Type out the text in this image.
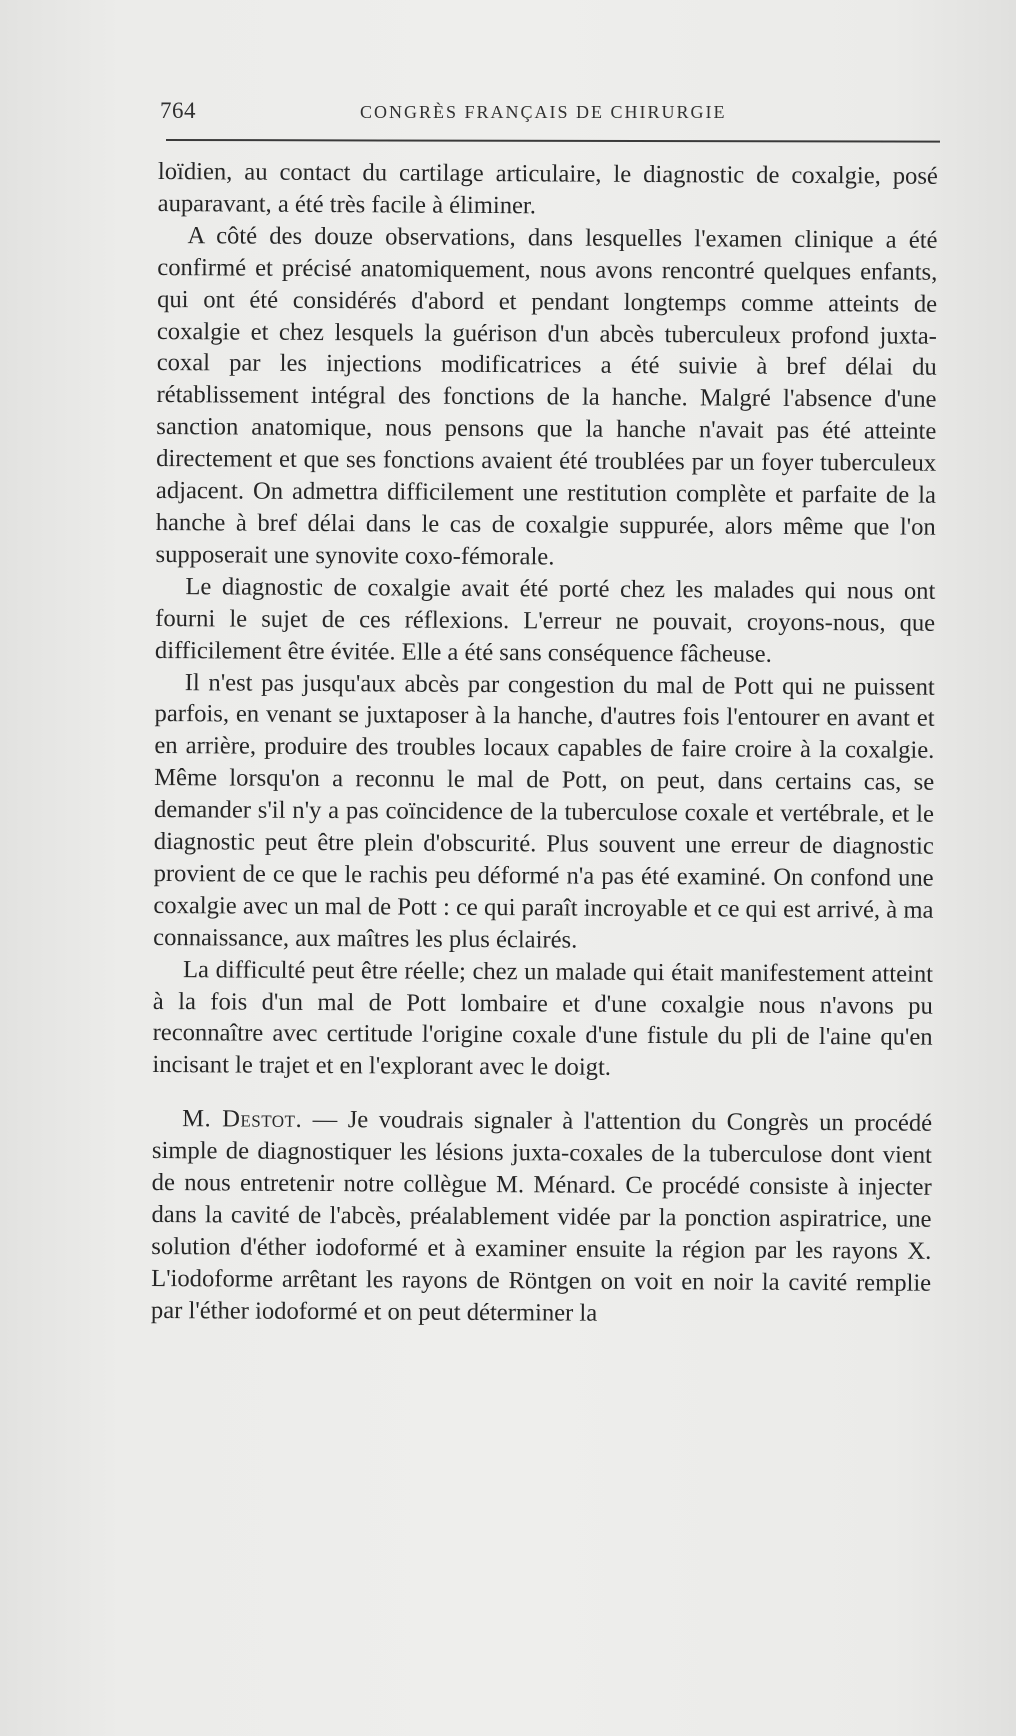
764	CONGRÈS FRANÇAIS DE CHIRURGIE

loïdien, au contact du cartilage articulaire, le diagnostic de coxalgie, posé auparavant, a été très facile à éliminer.

A côté des douze observations, dans lesquelles l'examen clinique a été confirmé et précisé anatomiquement, nous avons rencontré quelques enfants, qui ont été considérés d'abord et pendant longtemps comme atteints de coxalgie et chez lesquels la guérison d'un abcès tuberculeux profond juxta-coxal par les injections modificatrices a été suivie à bref délai du rétablissement intégral des fonctions de la hanche. Malgré l'absence d'une sanction anatomique, nous pensons que la hanche n'avait pas été atteinte directement et que ses fonctions avaient été troublées par un foyer tuberculeux adjacent. On admettra difficilement une restitution complète et parfaite de la hanche à bref délai dans le cas de coxalgie suppurée, alors même que l'on supposerait une synovite coxo-fémorale.

Le diagnostic de coxalgie avait été porté chez les malades qui nous ont fourni le sujet de ces réflexions. L'erreur ne pouvait, croyons-nous, que difficilement être évitée. Elle a été sans conséquence fâcheuse.

Il n'est pas jusqu'aux abcès par congestion du mal de Pott qui ne puissent parfois, en venant se juxtaposer à la hanche, d'autres fois l'entourer en avant et en arrière, produire des troubles locaux capables de faire croire à la coxalgie. Même lorsqu'on a reconnu le mal de Pott, on peut, dans certains cas, se demander s'il n'y a pas coïncidence de la tuberculose coxale et vertébrale, et le diagnostic peut être plein d'obscurité. Plus souvent une erreur de diagnostic provient de ce que le rachis peu déformé n'a pas été examiné. On confond une coxalgie avec un mal de Pott : ce qui paraît incroyable et ce qui est arrivé, à ma connaissance, aux maîtres les plus éclairés.

La difficulté peut être réelle; chez un malade qui était manifestement atteint à la fois d'un mal de Pott lombaire et d'une coxalgie nous n'avons pu reconnaître avec certitude l'origine coxale d'une fistule du pli de l'aine qu'en incisant le trajet et en l'explorant avec le doigt.

M. Destot. — Je voudrais signaler à l'attention du Congrès un procédé simple de diagnostiquer les lésions juxta-coxales de la tuberculose dont vient de nous entretenir notre collègue M. Ménard. Ce procédé consiste à injecter dans la cavité de l'abcès, préalablement vidée par la ponction aspiratrice, une solution d'éther iodoformé et à examiner ensuite la région par les rayons X. L'iodoforme arrêtant les rayons de Röntgen on voit en noir la cavité remplie par l'éther iodoformé et on peut déterminer la
